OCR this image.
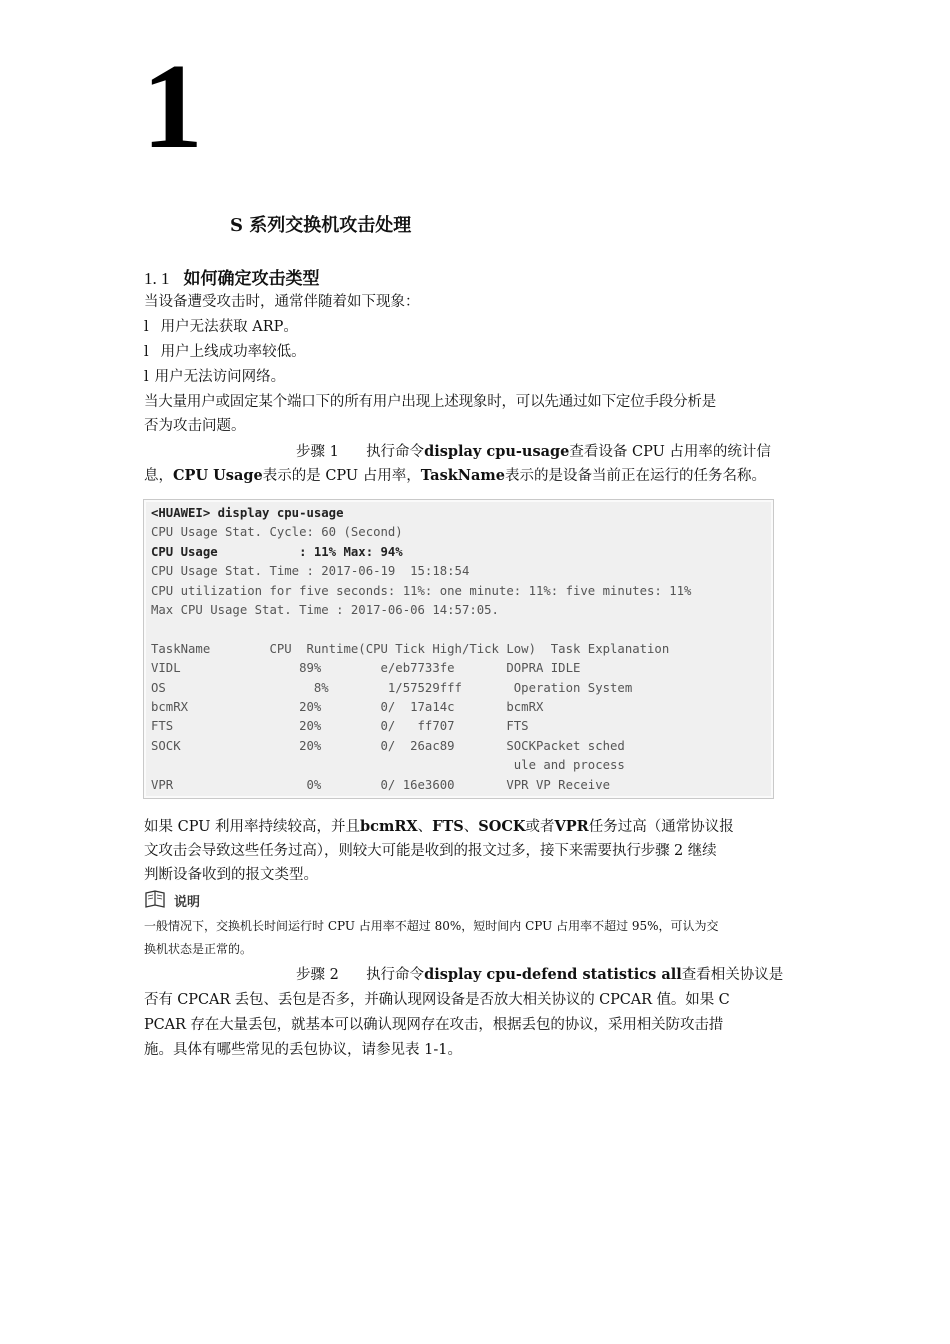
1
S 系列交换机攻击处理
1. 1 如何确定攻击类型
当设备遭受攻击时，通常伴随着如下现象：
l 用户无法获取 ARP。
l 用户上线成功率较低。
l 用户无法访问网络。
当大量用户或固定某个端口下的所有用户出现上述现象时，可以先通过如下定位手段分析是
否为攻击问题。
步骤 1 执行命令display cpu-usage查看设备 CPU 占用率的统计信
息，CPU Usage表示的是 CPU 占用率，TaskName表示的是设备当前正在运行的任务名称。
<HUAWEI> display cpu-usage
CPU Usage Stat. Cycle: 60 (Second)
CPU Usage           : 11% Max: 94%
CPU Usage Stat. Time : 2017-06-19  15:18:54
CPU utilization for five seconds: 11%: one minute: 11%: five minutes: 11%
Max CPU Usage Stat. Time : 2017-06-06 14:57:05.
TaskName        CPU  Runtime(CPU Tick High/Tick Low)  Task Explanation
VIDL                89%        e/eb7733fe       DOPRA IDLE
OS                    8%        1/57529fff       Operation System
bcmRX               20%        0/  17a14c       bcmRX
FTS                 20%        0/   ff707       FTS
SOCK                20%        0/  26ac89       SOCKPacket sched
ule and process
VPR                  0%        0/ 16e3600       VPR VP Receive
如果 CPU 利用率持续较高，并且bcmRX、FTS、SOCK或者VPR任务过高（通常协议报
文攻击会导致这些任务过高），则较大可能是收到的报文过多，接下来需要执行步骤 2 继续
判断设备收到的报文类型。
说明
一般情况下，交换机长时间运行时 CPU 占用率不超过 80%，短时间内 CPU 占用率不超过 95%，可认为交
换机状态是正常的。
步骤 2 执行命令display cpu-defend statistics all查看相关协议是
否有 CPCAR 丢包、丢包是否多，并确认现网设备是否放大相关协议的 CPCAR 值。如果 C
PCAR 存在大量丢包，就基本可以确认现网存在攻击，根据丢包的协议，采用相关防攻击措
施。具体有哪些常见的丢包协议，请参见表 1-1。
